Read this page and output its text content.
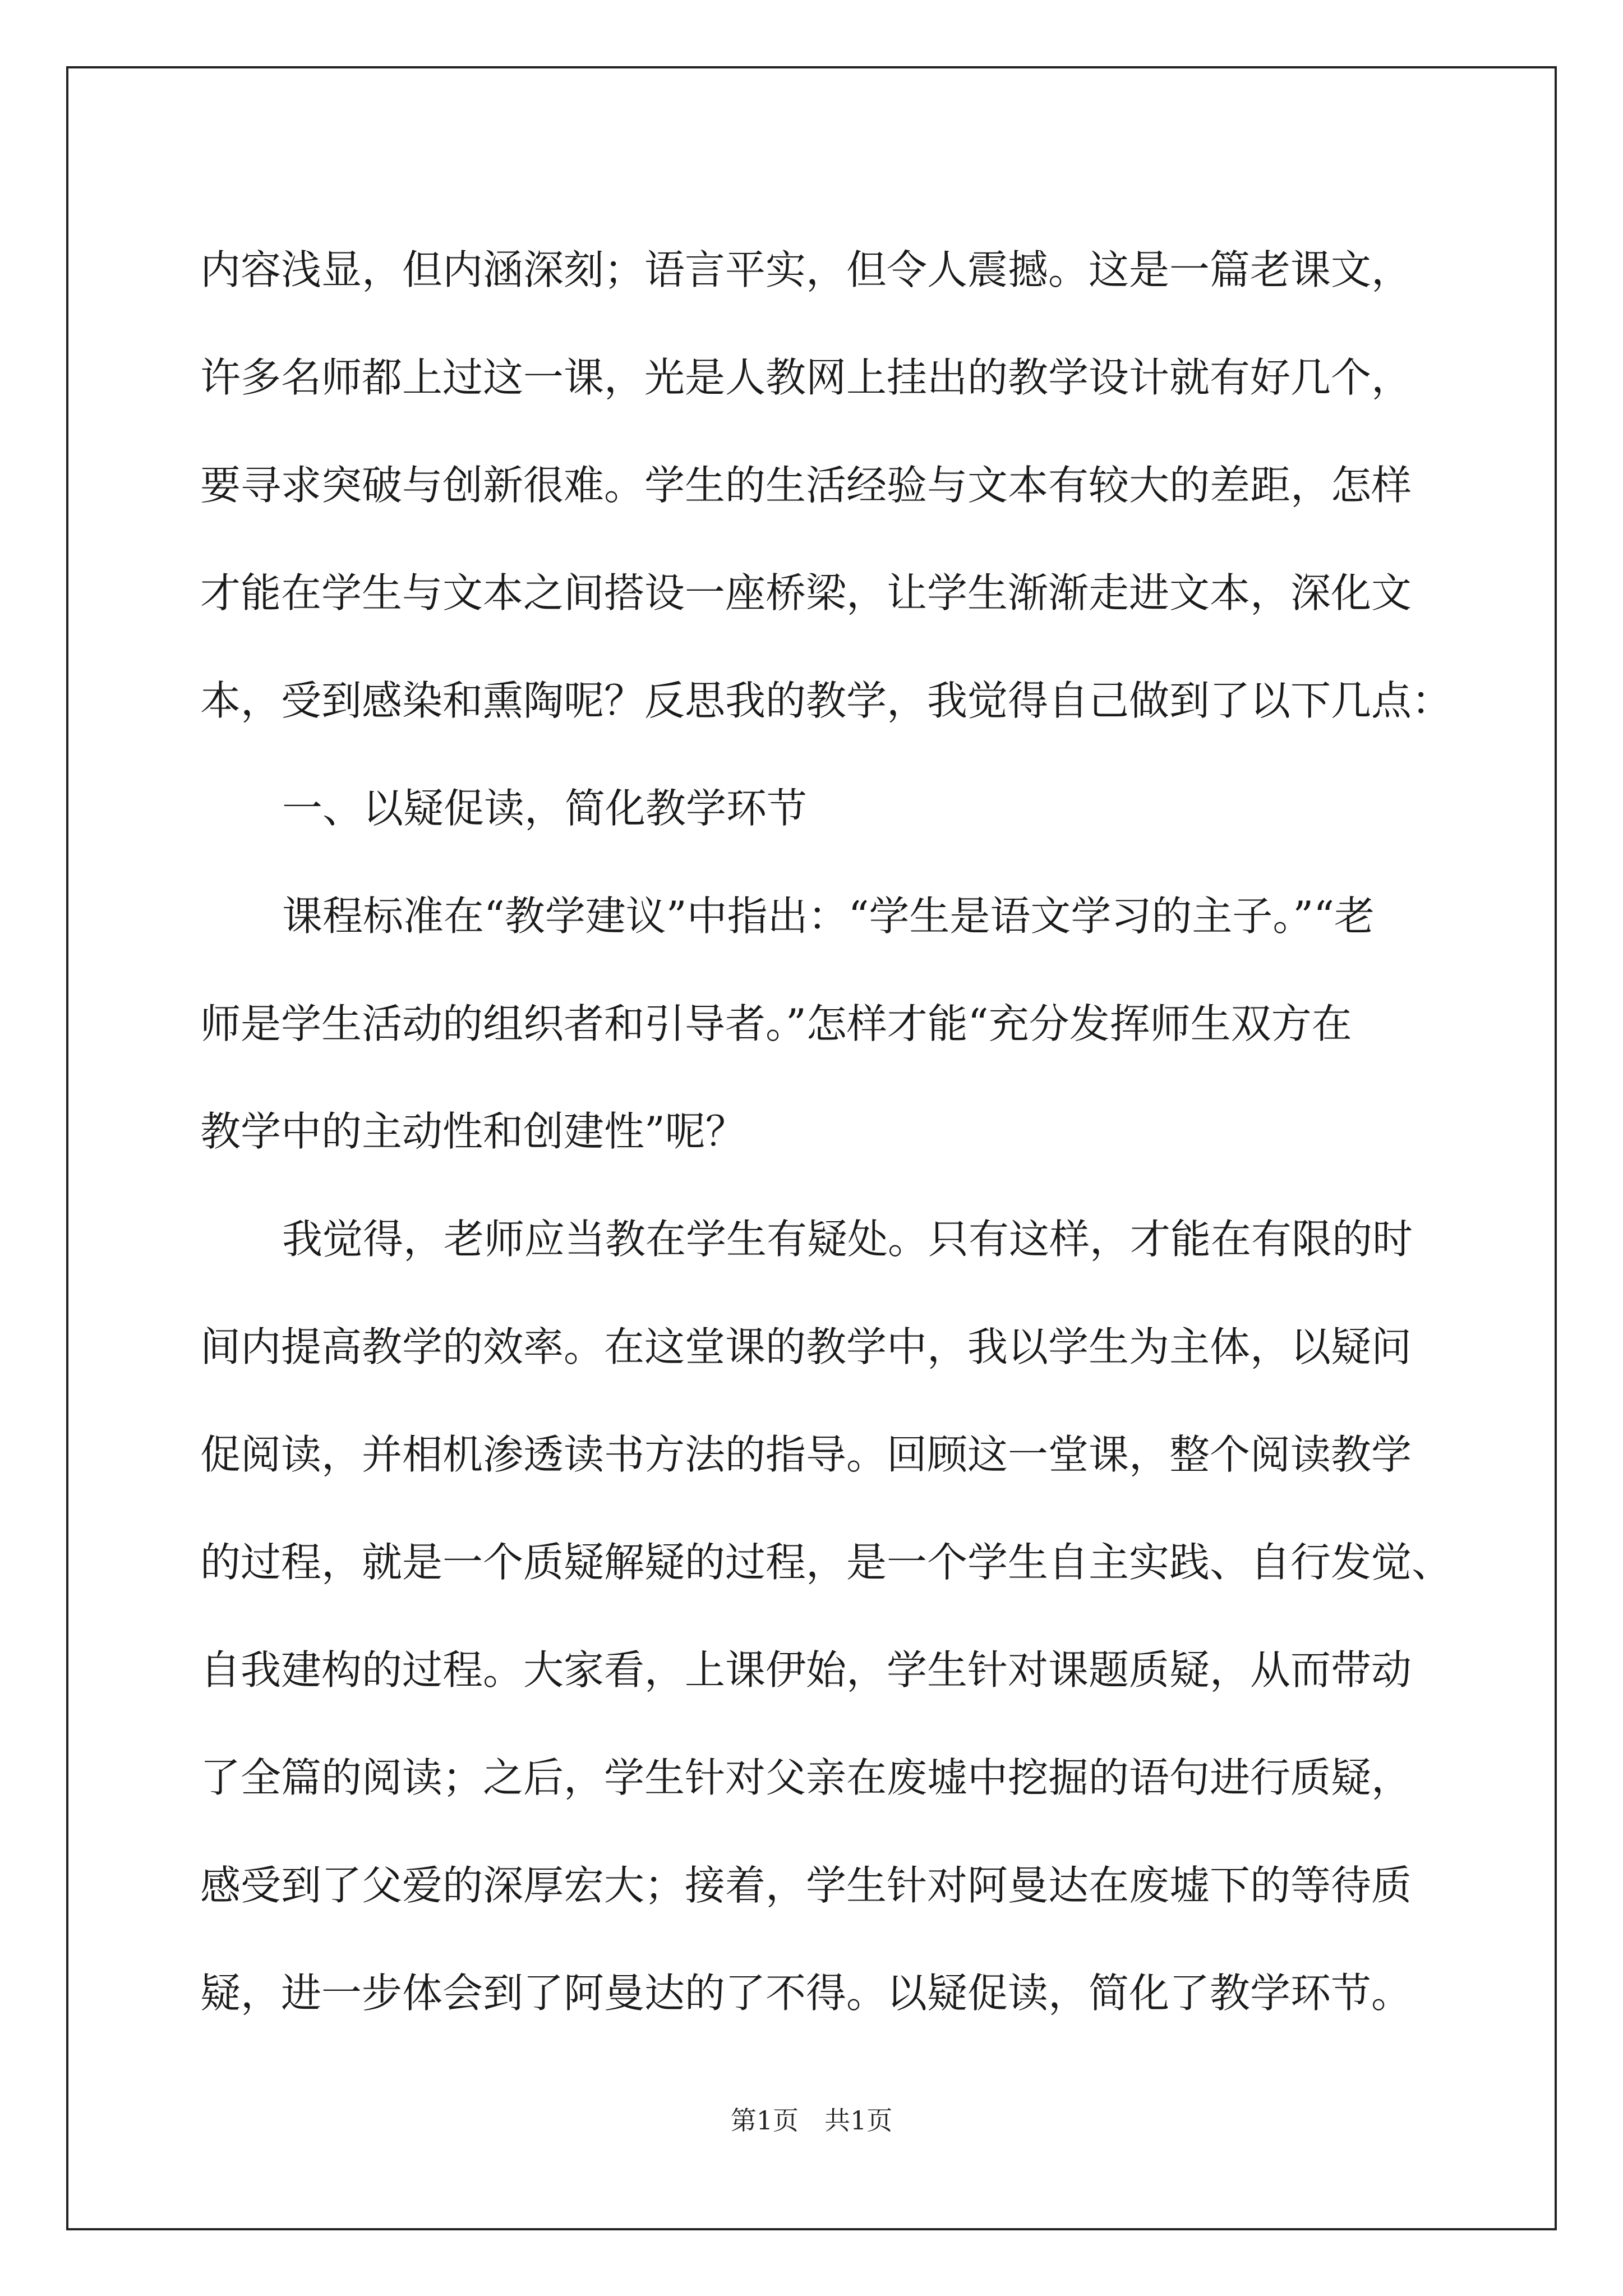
内容浅显，但内涵深刻；语言平实，但令人震撼。这是一篇老课文，
许多名师都上过这一课，光是人教网上挂出的教学设计就有好几个，
要寻求突破与创新很难。学生的生活经验与文本有较大的差距，怎样
才能在学生与文本之间搭设一座桥梁，让学生渐渐走进文本，深化文
本，受到感染和熏陶呢？反思我的教学，我觉得自己做到了以下几点：
一、以疑促读，简化教学环节
课程标准在“教学建议”中指出：“学生是语文学习的主子。”“老
师是学生活动的组织者和引导者。”怎样才能“充分发挥师生双方在
教学中的主动性和创建性”呢？
我觉得，老师应当教在学生有疑处。只有这样，才能在有限的时
间内提高教学的效率。在这堂课的教学中，我以学生为主体，以疑问
促阅读，并相机渗透读书方法的指导。回顾这一堂课，整个阅读教学
的过程，就是一个质疑解疑的过程，是一个学生自主实践、自行发觉、
自我建构的过程。大家看，上课伊始，学生针对课题质疑，从而带动
了全篇的阅读；之后，学生针对父亲在废墟中挖掘的语句进行质疑，
感受到了父爱的深厚宏大；接着，学生针对阿曼达在废墟下的等待质
疑，进一步体会到了阿曼达的了不得。以疑促读，简化了教学环节。
第1页　共1页
